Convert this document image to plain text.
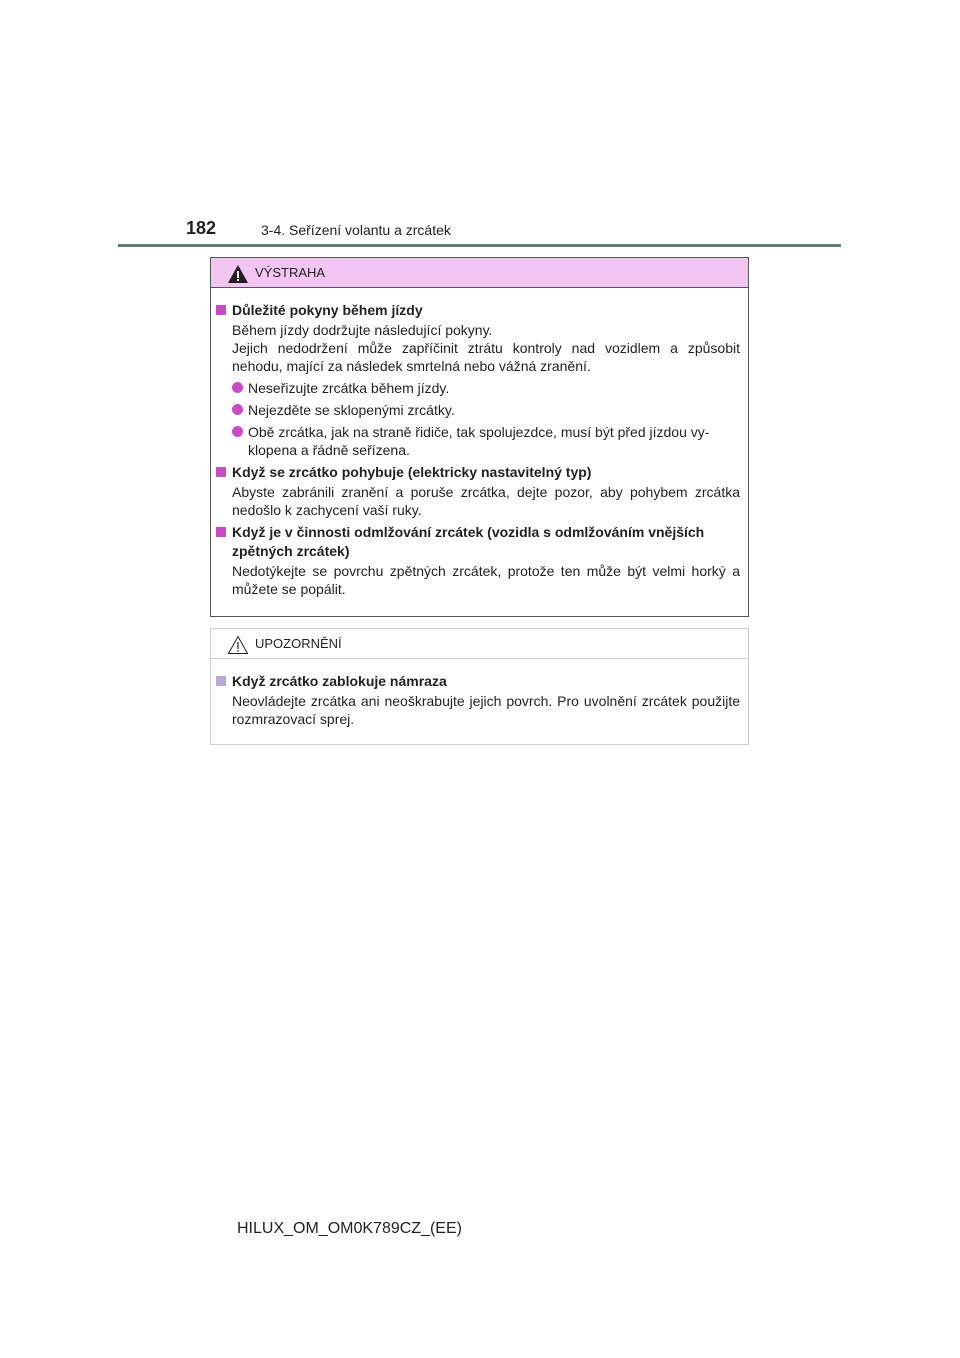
182	3-4. Seřízení volantu a zrcátek
VÝSTRAHA
Důležité pokyny během jízdy
Během jízdy dodržujte následující pokyny.
Jejich nedodržení může zapříčinit ztrátu kontroly nad vozidlem a způsobit nehodu, mající za následek smrtelná nebo vážná zranění.
Neseřizujte zrcátka během jízdy.
Nejezděte se sklopenými zrcátky.
Obě zrcátka, jak na straně řidiče, tak spolujezdce, musí být před jízdou vy-klopena a řádně seřízena.
Když se zrcátko pohybuje (elektricky nastavitelný typ)
Abyste zabránili zranění a poruše zrcátka, dejte pozor, aby pohybem zrcátka nedošlo k zachycení vaší ruky.
Když je v činnosti odmlžování zrcátek (vozidla s odmlžováním vnějších zpětných zrcátek)
Nedotýkejte se povrchu zpětných zrcátek, protože ten může být velmi horký a můžete se popálit.
UPOZORNĚNÍ
Když zrcátko zablokuje námraza
Neovládejte zrcátka ani neoškrabujte jejich povrch. Pro uvolnění zrcátek použijte rozmrazovací sprej.
HILUX_OM_OM0K789CZ_(EE)
